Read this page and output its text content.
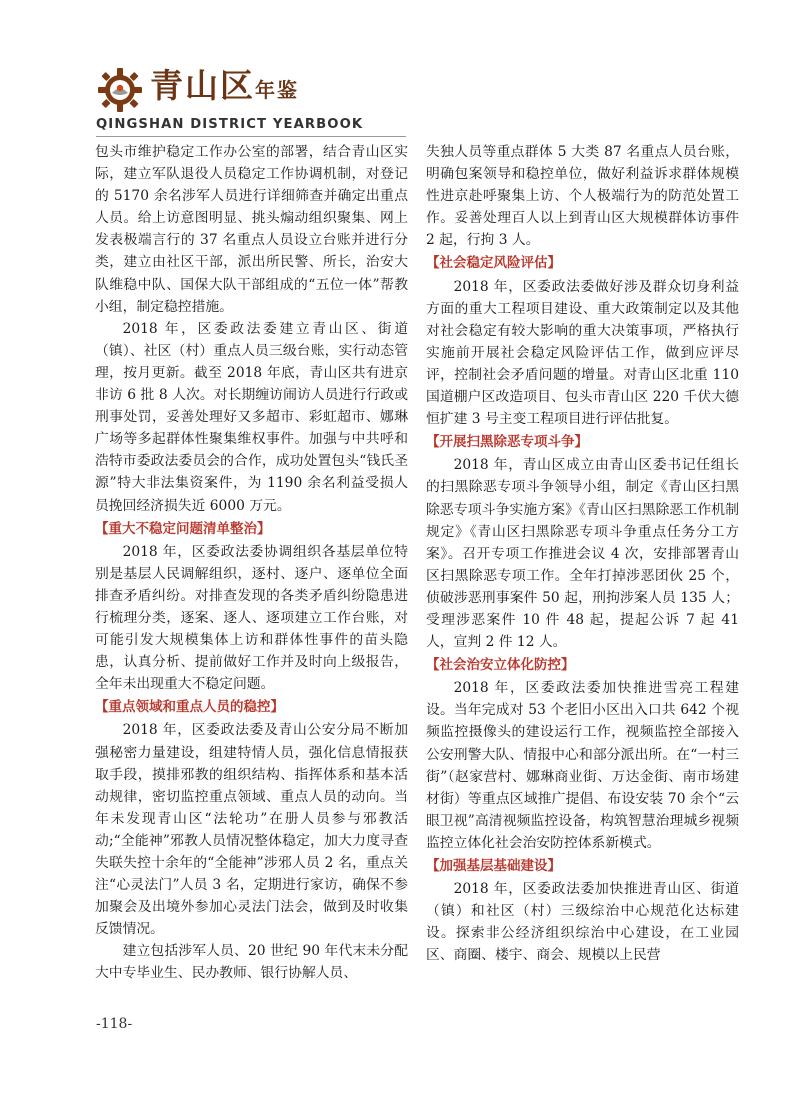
青山区年鉴
QINGSHAN DISTRICT YEARBOOK

包头市维护稳定工作办公室的部署，结合青山区实际，建立军队退役人员稳定工作协调机制，对登记的 5170 余名涉军人员进行详细筛查并确定出重点人员。给上访意图明显、挑头煽动组织聚集、网上发表极端言行的 37 名重点人员设立台账并进行分类，建立由社区干部，派出所民警、所长，治安大队维稳中队、国保大队干部组成的“五位一体”帮教小组，制定稳控措施。

2018 年，区委政法委建立青山区、街道（镇）、社区（村）重点人员三级台账，实行动态管理，按月更新。截至 2018 年底，青山区共有进京非访 6 批 8 人次。对长期缠访闹访人员进行行政或刑事处罚，妥善处理好又多超市、彩虹超市、娜琳广场等多起群体性聚集维权事件。加强与中共呼和浩特市委政法委员会的合作，成功处置包头“钱氏圣源”特大非法集资案件，为 1190 余名利益受损人员挽回经济损失近 6000 万元。

【重大不稳定问题清单整治】

2018 年，区委政法委协调组织各基层单位特别是基层人民调解组织，逐村、逐户、逐单位全面排查矛盾纠纷。对排查发现的各类矛盾纠纷隐患进行梳理分类，逐案、逐人、逐项建立工作台账，对可能引发大规模集体上访和群体性事件的苗头隐患，认真分析、提前做好工作并及时向上级报告，全年未出现重大不稳定问题。

【重点领域和重点人员的稳控】

2018 年，区委政法委及青山公安分局不断加强秘密力量建设，组建特情人员，强化信息情报获取手段，摸排邪教的组织结构、指挥体系和基本活动规律，密切监控重点领域、重点人员的动向。当年未发现青山区“法轮功”在册人员参与邪教活动;“全能神”邪教人员情况整体稳定，加大力度寻查失联失控十余年的“全能神”涉邪人员 2 名，重点关注“心灵法门”人员 3 名，定期进行家访，确保不参加聚会及出境外参加心灵法门法会，做到及时收集反馈情况。

建立包括涉军人员、20 世纪 90 年代末未分配大中专毕业生、民办教师、银行协解人员、

失独人员等重点群体 5 大类 87 名重点人员台账，明确包案领导和稳控单位，做好利益诉求群体规模性进京赴呼聚集上访、个人极端行为的防范处置工作。妥善处理百人以上到青山区大规模群体访事件 2 起，行拘 3 人。

【社会稳定风险评估】

2018 年，区委政法委做好涉及群众切身利益方面的重大工程项目建设、重大政策制定以及其他对社会稳定有较大影响的重大决策事项，严格执行实施前开展社会稳定风险评估工作，做到应评尽评，控制社会矛盾问题的增量。对青山区北重 110 国道棚户区改造项目、包头市青山区 220 千伏大德恒扩建 3 号主变工程项目进行评估批复。

【开展扫黑除恶专项斗争】

2018 年，青山区成立由青山区委书记任组长的扫黑除恶专项斗争领导小组，制定《青山区扫黑除恶专项斗争实施方案》《青山区扫黑除恶工作机制规定》《青山区扫黑除恶专项斗争重点任务分工方案》。召开专项工作推进会议 4 次，安排部署青山区扫黑除恶专项工作。全年打掉涉恶团伙 25 个，侦破涉恶刑事案件 50 起，刑拘涉案人员 135 人；受理涉恶案件 10 件 48 起，提起公诉 7 起 41 人，宣判 2 件 12 人。

【社会治安立体化防控】

2018 年，区委政法委加快推进雪亮工程建设。当年完成对 53 个老旧小区出入口共 642 个视频监控摄像头的建设运行工作，视频监控全部接入公安刑警大队、情报中心和部分派出所。在“一村三街”（赵家营村、娜琳商业街、万达金街、南市场建材街）等重点区域推广提倡、布设安装 70 余个“云眼卫视”高清视频监控设备，构筑智慧治理城乡视频监控立体化社会治安防控体系新模式。

【加强基层基础建设】

2018 年，区委政法委加快推进青山区、街道（镇）和社区（村）三级综治中心规范化达标建设。探索非公经济组织综治中心建设，在工业园区、商圈、楼宇、商会、规模以上民营

-118-
